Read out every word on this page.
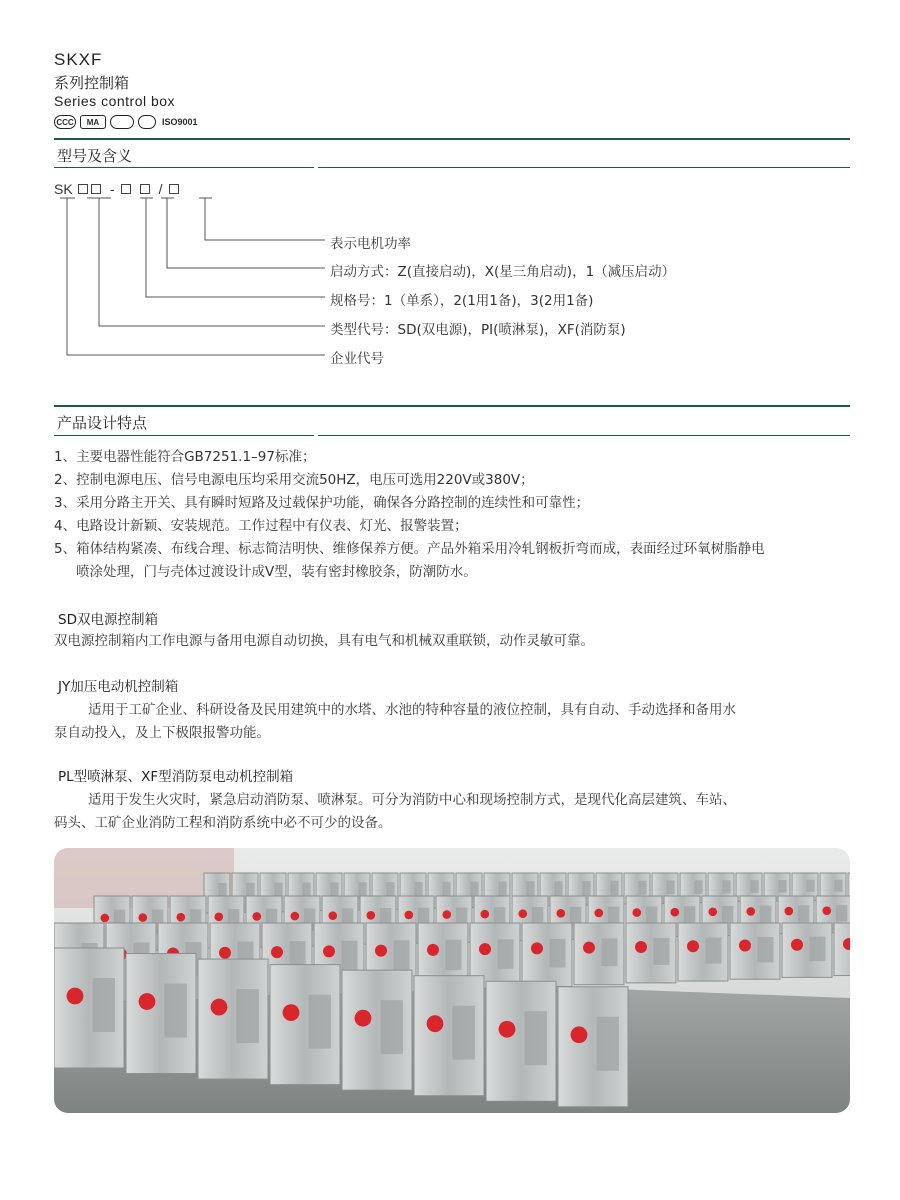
SKXF
系列控制箱
Series control box
CCC	MA	ISO9001
型号及含义
SK	-	/
表示电机功率
启动方式：Z(直接启动)，X(星三角启动)，1（减压启动）
规格号：1（单系），2(1用1备)，3(2用1备)
类型代号：SD(双电源)，PI(喷淋泵)，XF(消防泵)
企业代号
产品设计特点
1、主要电器性能符合GB7251.1–97标准；
2、控制电源电压、信号电源电压均采用交流50HZ，电压可选用220V或380V；
3、采用分路主开关、具有瞬时短路及过载保护功能，确保各分路控制的连续性和可靠性；
4、电路设计新颖、安装规范。工作过程中有仪表、灯光、报警装置；
5、箱体结构紧凑、布线合理、标志简洁明快、维修保养方便。产品外箱采用冷轧钢板折弯而成，表面经过环氧树脂静电
喷涂处理，门与壳体过渡设计成V型，装有密封橡胶条，防潮防水。
SD双电源控制箱
双电源控制箱内工作电源与备用电源自动切换，具有电气和机械双重联锁，动作灵敏可靠。
JY加压电动机控制箱
适用于工矿企业、科研设备及民用建筑中的水塔、水池的特种容量的液位控制，具有自动、手动选择和备用水
泵自动投入，及上下极限报警功能。
PL型喷淋泵、XF型消防泵电动机控制箱
适用于发生火灾时，紧急启动消防泵、喷淋泵。可分为消防中心和现场控制方式，是现代化高层建筑、车站、
码头、工矿企业消防工程和消防系统中必不可少的设备。
